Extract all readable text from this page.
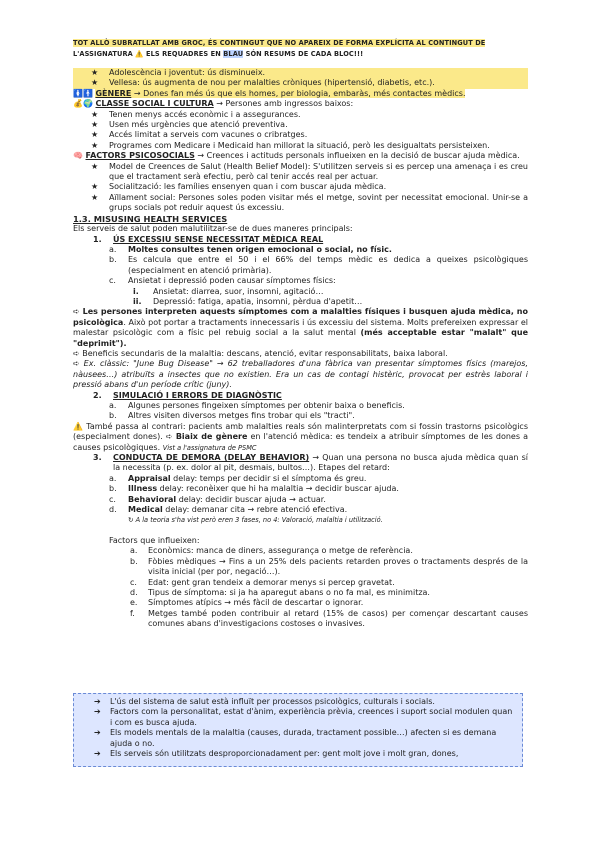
TOT ALLÒ SUBRATLLAT AMB GROC, ÉS CONTINGUT QUE NO APAREIX DE FORMA EXPLÍCITA AL CONTINGUT DE
L'ASSIGNATURA ⚠️ ELS REQUADRES EN BLAU SÓN RESUMS DE CADA BLOC!!!
★ Adolescència i joventut: ús disminueix.
★ Vellesa: ús augmenta de nou per malalties cròniques (hipertensió, diabetis, etc.).
🚺🚹 GÈNERE → Dones fan més ús que els homes, per biologia, embaràs, més contactes mèdics.
💰🌍 CLASSE SOCIAL I CULTURA → Persones amb ingressos baixos:
★ Tenen menys accés econòmic i a assegurances.
★ Usen més urgències que atenció preventiva.
★ Accés limitat a serveis com vacunes o cribratges.
★ Programes com Medicare i Medicaid han millorat la situació, però les desigualtats persisteixen.
🧠 FACTORS PSICOSOCIALS → Creences i actituds personals influeixen en la decisió de buscar ajuda mèdica.
★ Model de Creences de Salut (Health Belief Model): S'utilitzen serveis si es percep una amenaça i es creu que el tractament serà efectiu, però cal tenir accés real per actuar.
★ Socialització: les famílies ensenyen quan i com buscar ajuda mèdica.
★ Aïllament social: Persones soles poden visitar més el metge, sovint per necessitat emocional. Unir-se a grups socials pot reduir aquest ús excessiu.
1.3. MISUSING HEALTH SERVICES
Els serveis de salut poden malutilitzar-se de dues maneres principals:
1. ÚS EXCESSIU SENSE NECESSITAT MÈDICA REAL
a. Moltes consultes tenen origen emocional o social, no físic.
b. Es calcula que entre el 50 i el 66% del temps mèdic es dedica a queixes psicològiques (especialment en atenció primària).
c. Ansietat i depressió poden causar símptomes físics:
i. Ansietat: diarrea, suor, insomni, agitació…
ii. Depressió: fatiga, apatia, insomni, pèrdua d'apetit…
➪ Les persones interpreten aquests símptomes com a malalties físiques i busquen ajuda mèdica, no psicològica. Això pot portar a tractaments innecessaris i ús excessiu del sistema. Molts prefereixen expressar el malestar psicològic com a físic pel rebuig social a la salut mental (més acceptable estar "malalt" que "deprimit").
➪ Beneficis secundaris de la malaltia: descans, atenció, evitar responsabilitats, baixa laboral.
➪ Ex. clàssic: "June Bug Disease" → 62 treballadores d'una fàbrica van presentar símptomes físics (marejos, nàusees…) atribuïts a insectes que no existien. Era un cas de contagi histèric, provocat per estrès laboral i pressió abans d'un període crític (juny).
2. SIMULACIÓ I ERRORS DE DIAGNÒSTIC
a. Algunes persones fingeixen símptomes per obtenir baixa o beneficis.
b. Altres visiten diversos metges fins trobar qui els "tracti".
⚠️ També passa al contrari: pacients amb malalties reals són malinterpretats com si fossin trastorns psicològics (especialment dones). ➪ Biaix de gènere en l'atenció mèdica: es tendeix a atribuir símptomes de les dones a causes psicològiques. Vist a l'assignatura de PSMC
3. CONDUCTA DE DEMORA (DELAY BEHAVIOR) → Quan una persona no busca ajuda mèdica quan sí la necessita (p. ex. dolor al pit, desmais, bultos…). Etapes del retard:
a. Appraisal delay: temps per decidir si el símptoma és greu.
b. Illness delay: reconèixer que hi ha malaltia → decidir buscar ajuda.
c. Behavioral delay: decidir buscar ajuda → actuar.
d. Medical delay: demanar cita → rebre atenció efectiva.
↻ A la teoria s'ha vist però eren 3 fases, no 4: Valoració, malaltia i utilització.
Factors que influeixen:
a. Econòmics: manca de diners, assegurança o metge de referència.
b. Fòbies mèdiques → Fins a un 25% dels pacients retarden proves o tractaments després de la visita inicial (per por, negació…).
c. Edat: gent gran tendeix a demorar menys si percep gravetat.
d. Tipus de símptoma: si ja ha aparegut abans o no fa mal, es minimitza.
e. Símptomes atípics → més fàcil de descartar o ignorar.
f. Metges també poden contribuir al retard (15% de casos) per començar descartant causes comunes abans d'investigacions costoses o invasives.
➔ L'ús del sistema de salut està influït per processos psicològics, culturals i socials.
➔ Factors com la personalitat, estat d'ànim, experiència prèvia, creences i suport social modulen quan i com es busca ajuda.
➔ Els models mentals de la malaltia (causes, durada, tractament possible…) afecten si es demana ajuda o no.
➔ Els serveis són utilitzats desproporcionadament per: gent molt jove i molt gran, dones,
